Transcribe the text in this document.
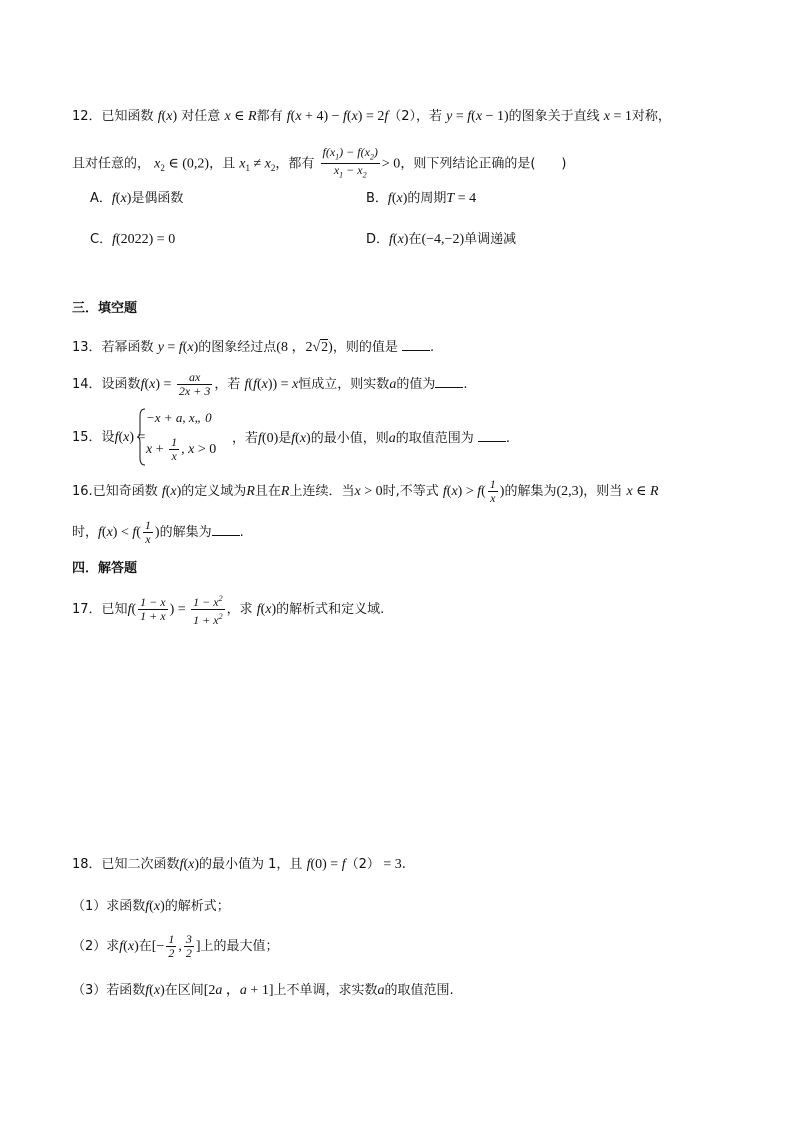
12．已知函数 f(x) 对任意 x ∈ R都有 f(x + 4) − f(x) = 2f（2），若 y = f(x − 1)的图象关于直线 x = 1对称，
且对任意的， $x_2$ ∈ (0,2)，且 $x_1 \ne x_2$，都有 $\frac{f(x_1) - f(x_2)}{x_1 - x_2} > 0$，则下列结论正确的是(　　)
A．f(x)是偶函数	B．f(x)的周期T = 4
C．f(2022) = 0	D．f(x)在(−4,−2)单调递减
三．填空题
13．若幂函数 y = f(x)的图象经过点(8 ，2√2)，则的值是 .
14．设函数$f(x) = \frac{ax}{2x + 3}$ ，若 f(f(x)) = x恒成立，则实数a的值为 .
15．设f(x) =
−x + a, x„ 0
$x + \frac{1}{x}$ , x > 0
，若f(0)是f(x)的最小值，则a的取值范围为 .
16.已知奇函数 f(x)的定义域为R且在R上连续．当x > 0时,不等式 $f(x) > f( \frac{1}{x}$ )的解集为(2,3)，则当 x ∈ R
时，$f(x) < f( \frac{1}{x}$ )的解集为 .
四．解答题
17．已知$f( \frac{1 - x}{1 + x}$ ) = $\frac{1 - x^2}{1 + x^2}$ ，求 f(x)的解析式和定义域.
18．已知二次函数f(x)的最小值为 1，且 f(0) = f（2） = 3.
（1）求函数f(x)的解析式；
（2）求f(x)在[− $\frac{1}{2}$ , $\frac{3}{2}$ ]上的最大值；
（3）若函数f(x)在区间[2a ，a + 1]上不单调，求实数a的取值范围.
